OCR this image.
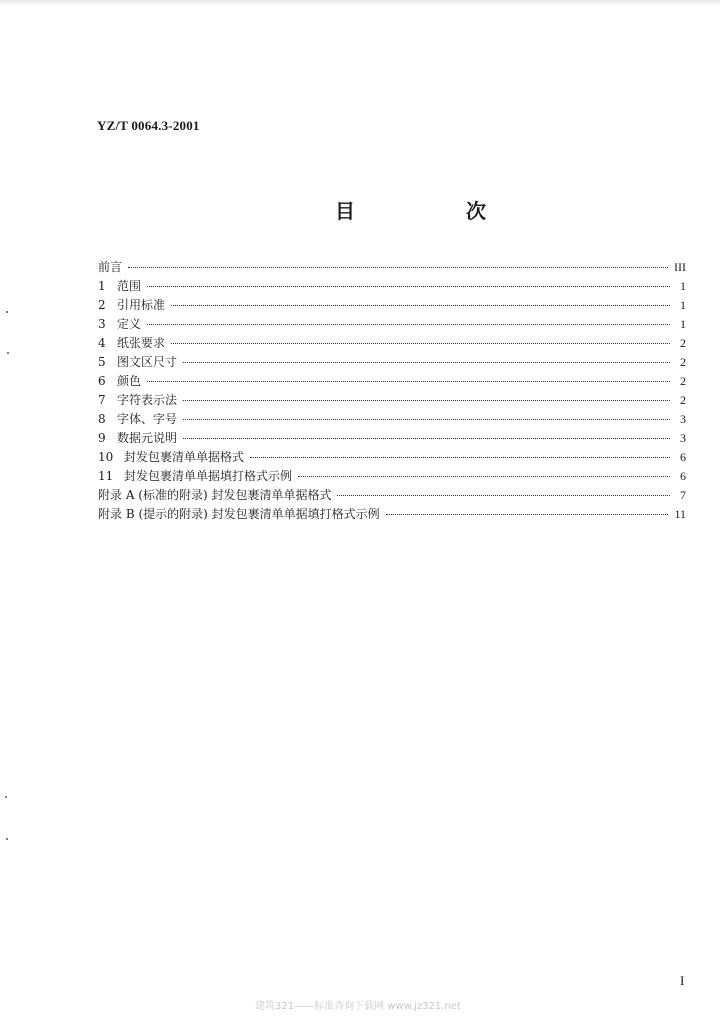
YZ/T 0064.3-2001
目 次
前言	III
1 范围	1
2 引用标准	1
3 定义	1
4 纸张要求	2
5 图文区尺寸	2
6 颜色	2
7 字符表示法	2
8 字体、字号	3
9 数据元说明	3
10 封发包裹清单单据格式	6
11 封发包裹清单单据填打格式示例	6
附录 A (标准的附录) 封发包裹清单单据格式	7
附录 B (提示的附录) 封发包裹清单单据填打格式示例	11
I
建筑321——标准查询下载网 www.jz321.net
